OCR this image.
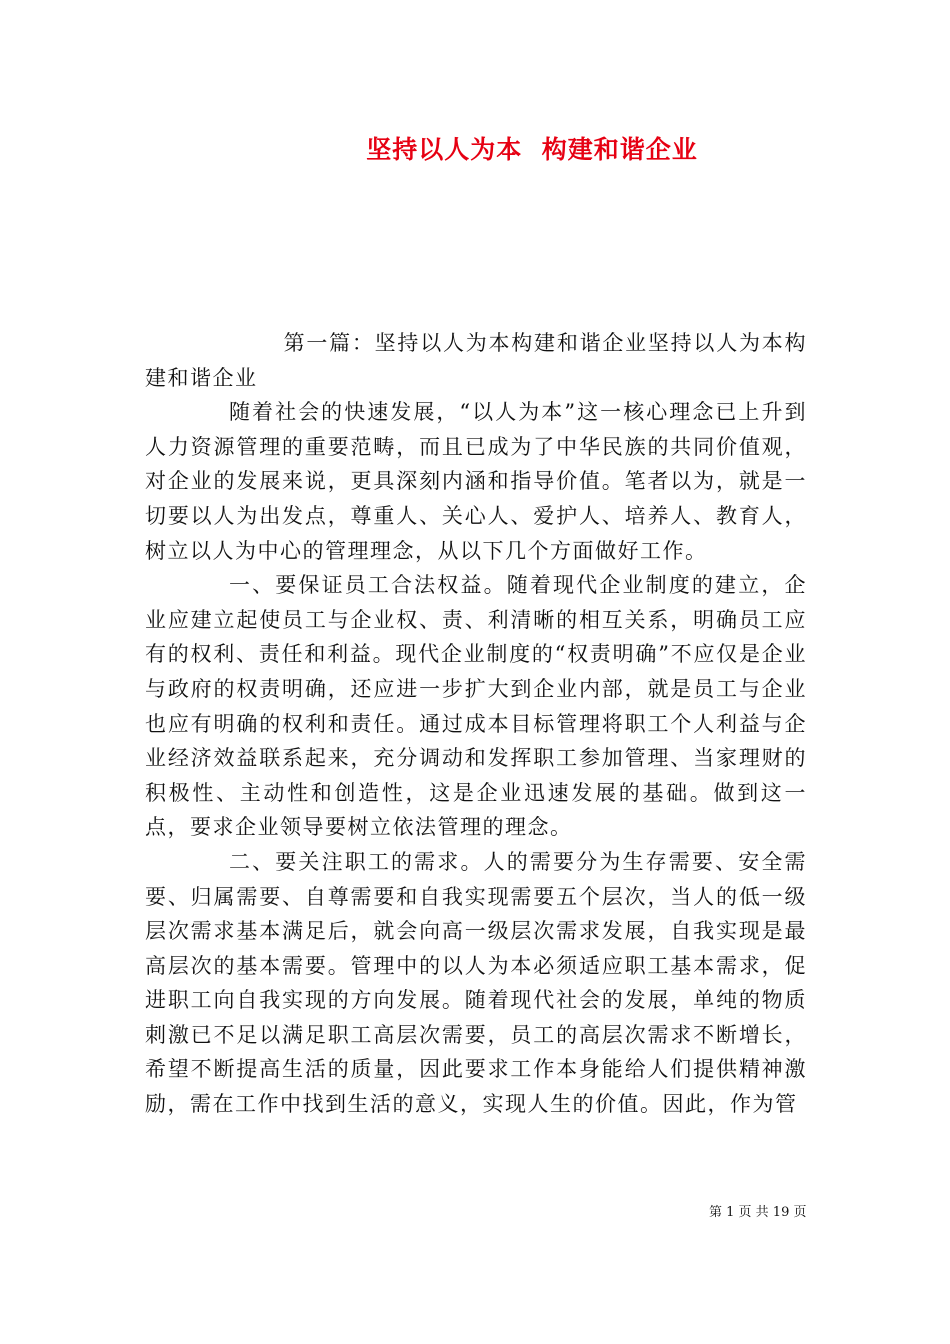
坚持以人为本  构建和谐企业

第一篇：坚持以人为本构建和谐企业坚持以人为本构建和谐企业

随着社会的快速发展，“以人为本”这一核心理念已上升到人力资源管理的重要范畴，而且已成为了中华民族的共同价值观，对企业的发展来说，更具深刻内涵和指导价值。笔者以为，就是一切要以人为出发点，尊重人、关心人、爱护人、培养人、教育人，树立以人为中心的管理理念，从以下几个方面做好工作。

一、要保证员工合法权益。随着现代企业制度的建立，企业应建立起使员工与企业权、责、利清晰的相互关系，明确员工应有的权利、责任和利益。现代企业制度的“权责明确”不应仅是企业与政府的权责明确，还应进一步扩大到企业内部，就是员工与企业也应有明确的权利和责任。通过成本目标管理将职工个人利益与企业经济效益联系起来，充分调动和发挥职工参加管理、当家理财的积极性、主动性和创造性，这是企业迅速发展的基础。做到这一点，要求企业领导要树立依法管理的理念。

二、要关注职工的需求。人的需要分为生存需要、安全需要、归属需要、自尊需要和自我实现需要五个层次，当人的低一级层次需求基本满足后，就会向高一级层次需求发展，自我实现是最高层次的基本需要。管理中的以人为本必须适应职工基本需求，促进职工向自我实现的方向发展。随着现代社会的发展，单纯的物质刺激已不足以满足职工高层次需要，员工的高层次需求不断增长，希望不断提高生活的质量，因此要求工作本身能给人们提供精神激励，需在工作中找到生活的意义，实现人生的价值。因此，作为管

第 1 页 共 19 页
